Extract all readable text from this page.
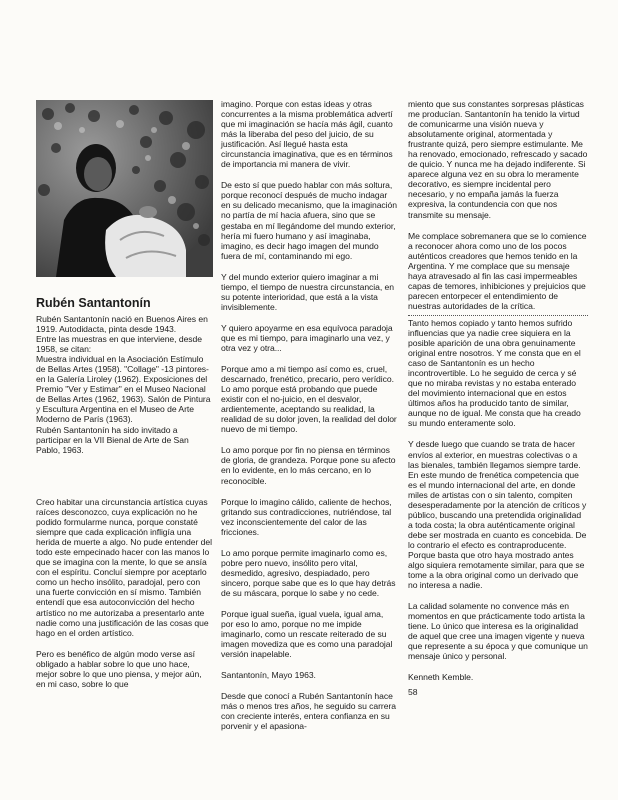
Rubén Santantonín

Rubén Santantonín nació en Buenos Aires en 1919. Autodidacta, pinta desde 1943.
Entre las muestras en que interviene, desde 1958, se citan:
Muestra individual en la Asociación Estímulo de Bellas Artes (1958). "Collage" -13 pintores- en la Galería Liroley (1962). Exposiciones del Premio "Ver y Estimar" en el Museo Nacional de Bellas Artes (1962, 1963). Salón de Pintura y Escultura Argentina en el Museo de Arte Moderno de París (1963).
Rubén Santantonín ha sido invitado a participar en la VII Bienal de Arte de San Pablo, 1963.

Creo habitar una circunstancia artística cuyas raíces desconozco, cuya explicación no he podido formularme nunca, porque constaté siempre que cada explicación infligía una herida de muerte a algo. No pude entender del todo este empecinado hacer con las manos lo que se imagina con la mente, lo que se ansía con el espíritu. Concluí siempre por aceptarlo como un hecho insólito, paradojal, pero con una fuerte convicción en sí mismo. También entendí que esa autoconvicción del hecho artístico no me autorizaba a presentarlo ante nadie como una justificación de las cosas que hago en el orden artístico.

Pero es benéfico de algún modo verse así obligado a hablar sobre lo que uno hace, mejor sobre lo que uno piensa, y mejor aún, en mi caso, sobre lo que

imagino. Porque con estas ideas y otras concurrentes a la misma problemática advertí que mi imaginación se hacía más ágil, cuanto más la liberaba del peso del juicio, de su justificación. Así llegué hasta esta circunstancia imaginativa, que es en términos de importancia mi manera de vivir.

De esto sí que puedo hablar con más soltura, porque reconocí después de mucho indagar en su delicado mecanismo, que la imaginación no partía de mí hacia afuera, sino que se gestaba en mí llegándome del mundo exterior, hería mi fuero humano y así imaginaba, imagino, es decir hago imagen del mundo fuera de mí, contaminando mi ego.

Y del mundo exterior quiero imaginar a mi tiempo, el tiempo de nuestra circunstancia, en su potente interioridad, que está a la vista invisiblemente.

Y quiero apoyarme en esa equívoca paradoja que es mi tiempo, para imaginarlo una vez, y otra vez y otra...

Porque amo a mi tiempo así como es, cruel, descarnado, frenético, precario, pero verídico. Lo amo porque está probando que puede existir con el no-juicio, en el desvalor, ardientemente, aceptando su realidad, la realidad de su dolor joven, la realidad del dolor nuevo de mi tiempo.

Lo amo porque por fin no piensa en términos de gloria, de grandeza. Porque pone su afecto en lo evidente, en lo más cercano, en lo reconocible.

Porque lo imagino cálido, caliente de hechos, gritando sus contradicciones, nutriéndose, tal vez inconscientemente del calor de las fricciones.

Lo amo porque permite imaginarlo como es, pobre pero nuevo, insólito pero vital, desmedido, agresivo, despiadado, pero sincero, porque sabe que es lo que hay detrás de su máscara, porque lo sabe y no cede.

Porque igual sueña, igual vuela, igual ama, por eso lo amo, porque no me impide imaginarlo, como un rescate reiterado de su imagen movediza que es como una paradojal versión inapelable.

Santantonín, Mayo 1963.

Desde que conocí a Rubén Santantonín hace más o menos tres años, he seguido su carrera con creciente interés, entera confianza en su porvenir y el apasiona-

miento que sus constantes sorpresas plásticas me producían. Santantonín ha tenido la virtud de comunicarme una visión nueva y absolutamente original, atormentada y frustrante quizá, pero siempre estimulante. Me ha renovado, emocionado, refrescado y sacado de quicio. Y nunca me ha dejado indiferente. Si aparece alguna vez en su obra lo meramente decorativo, es siempre incidental pero necesario, y no empaña jamás la fuerza expresiva, la contundencia con que nos transmite su mensaje.

Me complace sobremanera que se lo comience a reconocer ahora como uno de los pocos auténticos creadores que hemos tenido en la Argentina. Y me complace que su mensaje haya atravesado al fin las casi impermeables capas de temores, inhibiciones y prejuicios que parecen entorpecer el entendimiento de nuestras autoridades de la crítica.

Tanto hemos copiado y tanto hemos sufrido influencias que ya nadie cree siquiera en la posible aparición de una obra genuinamente original entre nosotros. Y me consta que en el caso de Santantonín es un hecho incontrovertible. Lo he seguido de cerca y sé que no miraba revistas y no estaba enterado del movimiento internacional que en estos últimos años ha producido tanto de similar, aunque no de igual. Me consta que ha creado su mundo enteramente solo.

Y desde luego que cuando se trata de hacer envíos al exterior, en muestras colectivas o a las bienales, también llegamos siempre tarde. En este mundo de frenética competencia que es el mundo internacional del arte, en donde miles de artistas con o sin talento, compiten desesperadamente por la atención de críticos y público, buscando una pretendida originalidad a toda costa; la obra auténticamente original debe ser mostrada en cuanto es concebida. De lo contrario el efecto es contraproducente. Porque basta que otro haya mostrado antes algo siquiera remotamente similar, para que se tome a la obra original como un derivado que no interesa a nadie.

La calidad solamente no convence más en momentos en que prácticamente todo artista la tiene. Lo único que interesa es la originalidad de aquel que cree una imagen vigente y nueva que represente a su época y que comunique un mensaje único y personal.

Kenneth Kemble.

58
